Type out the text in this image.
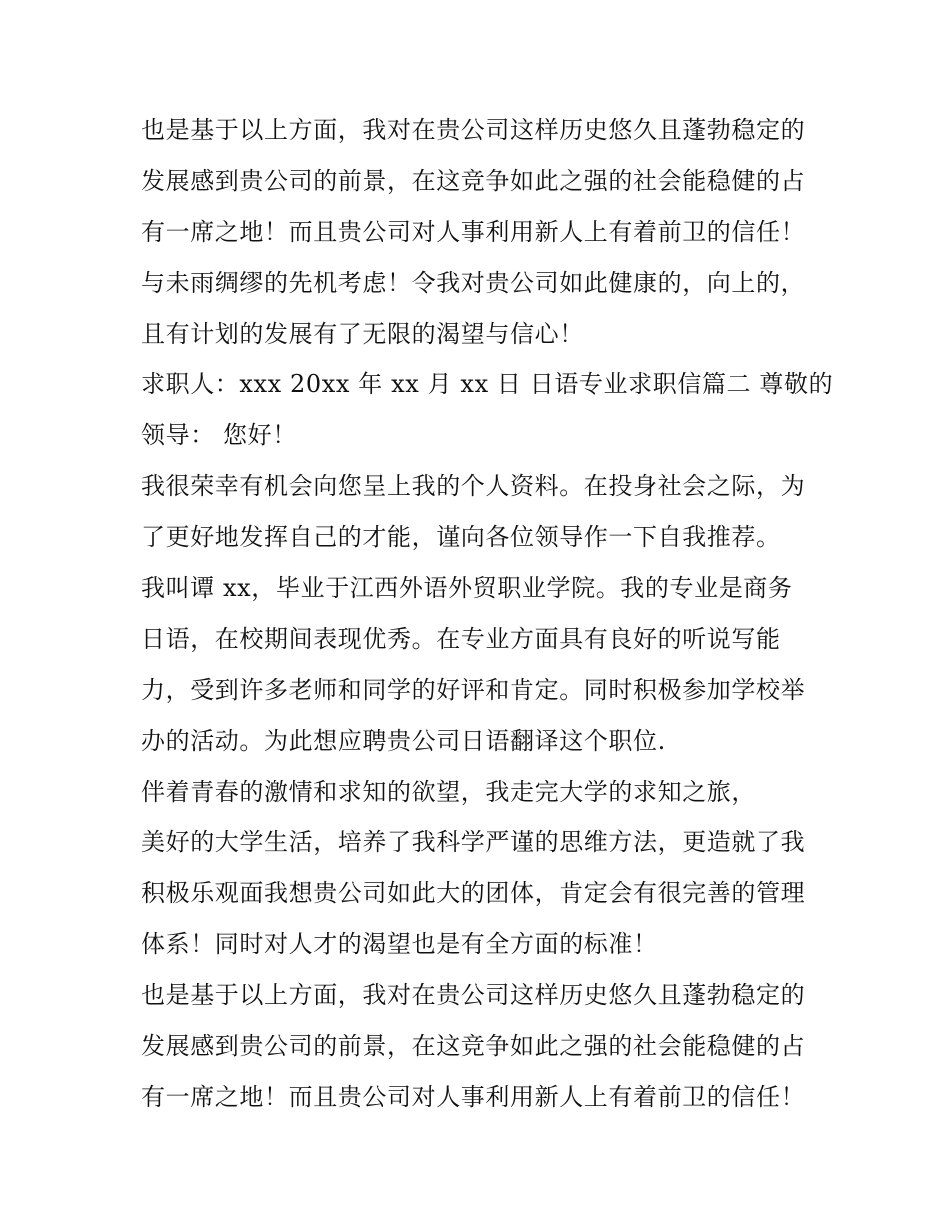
也是基于以上方面，我对在贵公司这样历史悠久且蓬勃稳定的
发展感到贵公司的前景，在这竞争如此之强的社会能稳健的占
有一席之地！而且贵公司对人事利用新人上有着前卫的信任！
与未雨绸缪的先机考虑！令我对贵公司如此健康的，向上的，
且有计划的发展有了无限的渴望与信心！
求职人：xxx 20xx 年 xx 月 xx 日 日语专业求职信篇二 尊敬的
领导： 您好！
我很荣幸有机会向您呈上我的个人资料。在投身社会之际，为
了更好地发挥自己的才能，谨向各位领导作一下自我推荐。
我叫谭 xx，毕业于江西外语外贸职业学院。我的专业是商务
日语，在校期间表现优秀。在专业方面具有良好的听说写能
力，受到许多老师和同学的好评和肯定。同时积极参加学校举
办的活动。为此想应聘贵公司日语翻译这个职位.
伴着青春的激情和求知的欲望，我走完大学的求知之旅，
美好的大学生活，培养了我科学严谨的思维方法，更造就了我
积极乐观面我想贵公司如此大的团体，肯定会有很完善的管理
体系！同时对人才的渴望也是有全方面的标准！
也是基于以上方面，我对在贵公司这样历史悠久且蓬勃稳定的
发展感到贵公司的前景，在这竞争如此之强的社会能稳健的占
有一席之地！而且贵公司对人事利用新人上有着前卫的信任！
